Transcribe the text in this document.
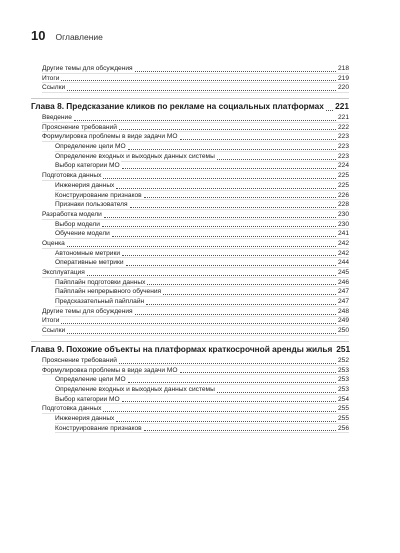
10 Оглавление
Другие темы для обсуждения	218
Итоги	219
Ссылки	220
Глава 8. Предсказание кликов по рекламе на социальных платформах 221
Введение	221
Прояснение требований	222
Формулировка проблемы в виде задачи МО	223
Определение цели МО	223
Определение входных и выходных данных системы	223
Выбор категории МО	224
Подготовка данных	225
Инженерия данных	225
Конструирование признаков	226
Признаки пользователя	228
Разработка модели	230
Выбор модели	230
Обучение модели	241
Оценка	242
Автономные метрики	242
Оперативные метрики	244
Эксплуатация	245
Пайплайн подготовки данных	246
Пайплайн непрерывного обучения	247
Предсказательный пайплайн	247
Другие темы для обсуждения	248
Итоги	249
Ссылки	250
Глава 9. Похожие объекты на платформах краткосрочной аренды жилья 251
Прояснение требований	252
Формулировка проблемы в виде задачи МО	253
Определение цели МО	253
Определение входных и выходных данных системы	253
Выбор категории МО	254
Подготовка данных	255
Инженерия данных	255
Конструирование признаков	256
